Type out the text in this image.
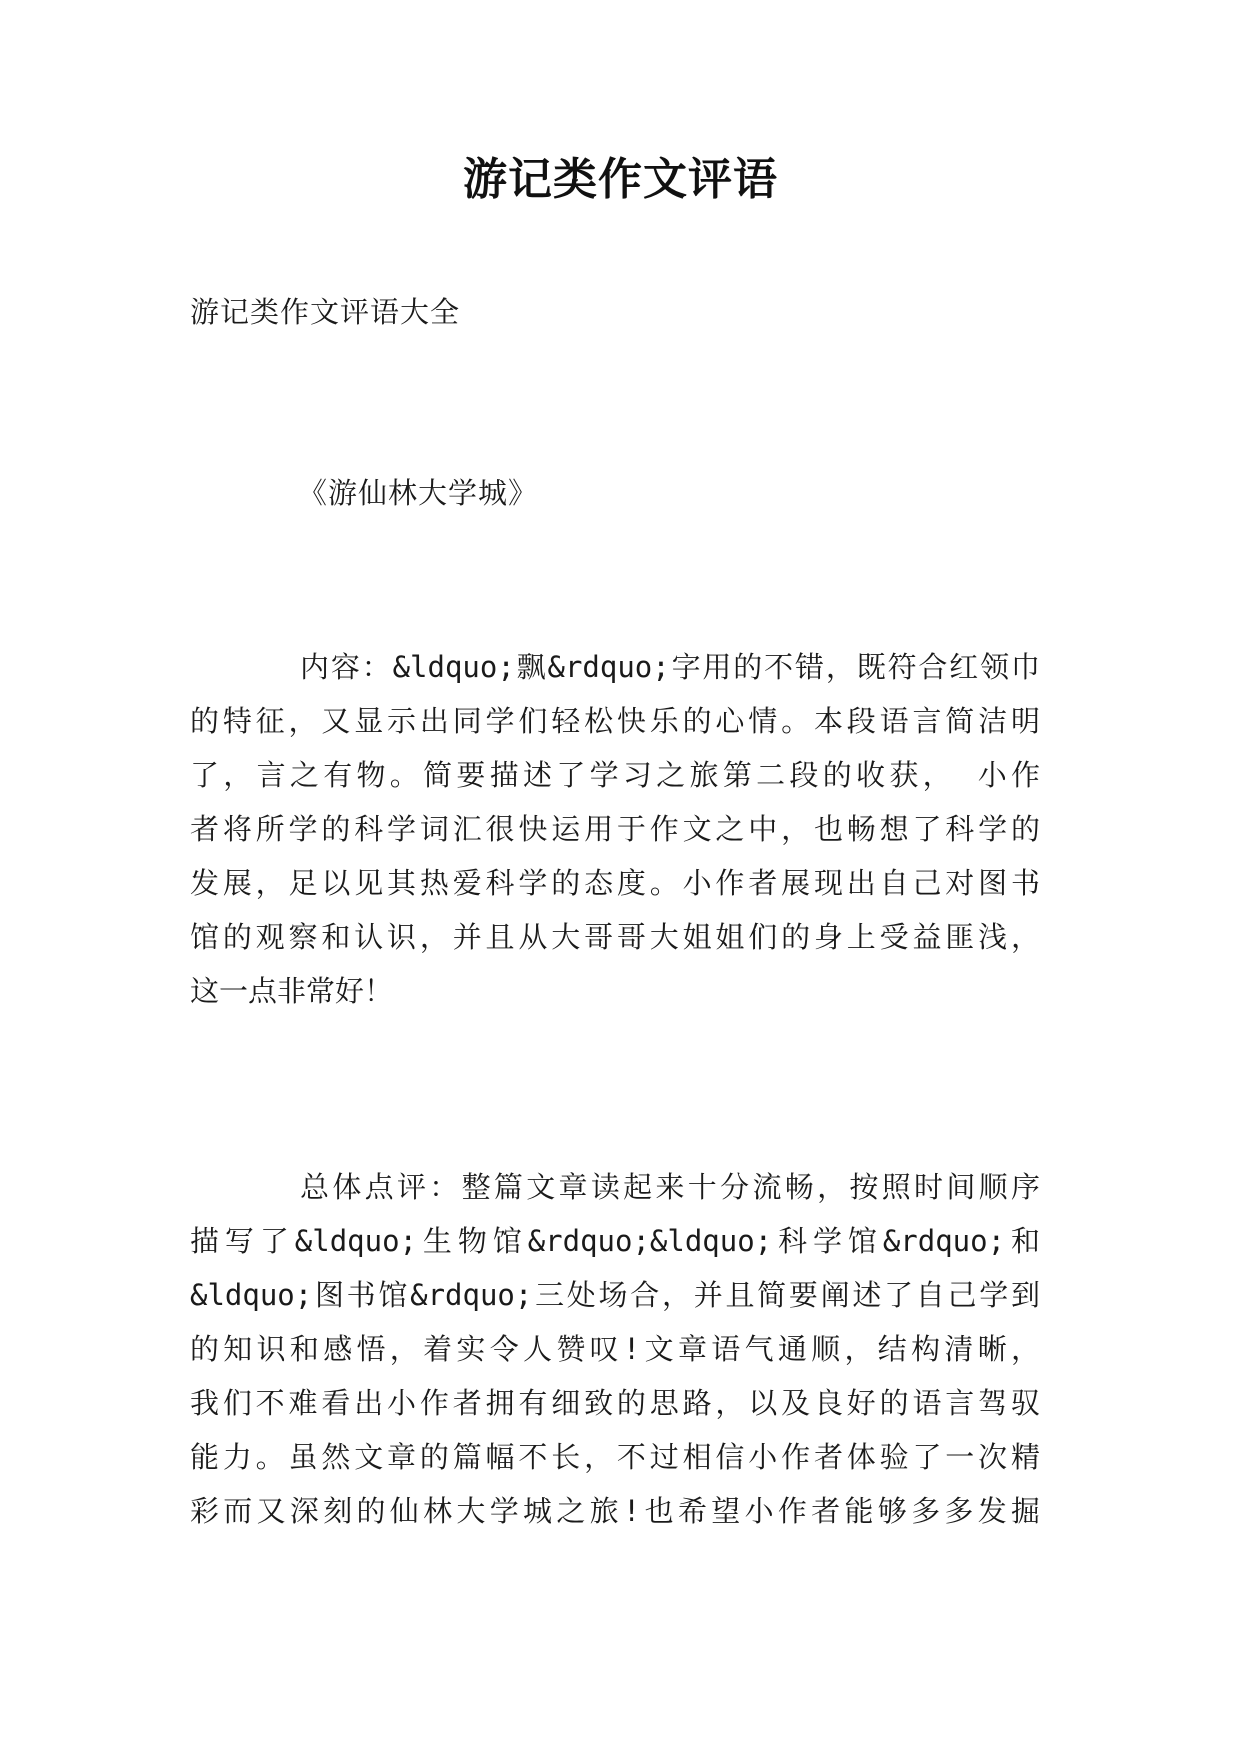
游记类作文评语
游记类作文评语大全
《游仙林大学城》
内容：&ldquo;飘&rdquo;字用的不错，既符合红领巾
的特征，又显示出同学们轻松快乐的心情。本段语言简洁明
了，言之有物。简要描述了学习之旅第二段的收获， 小作
者将所学的科学词汇很快运用于作文之中，也畅想了科学的
发展，足以见其热爱科学的态度。小作者展现出自己对图书
馆的观察和认识，并且从大哥哥大姐姐们的身上受益匪浅，
这一点非常好！
总体点评：整篇文章读起来十分流畅，按照时间顺序
描写了&ldquo;生物馆&rdquo;&ldquo;科学馆&rdquo;和
&ldquo;图书馆&rdquo;三处场合，并且简要阐述了自己学到
的知识和感悟，着实令人赞叹!文章语气通顺，结构清晰，
我们不难看出小作者拥有细致的思路，以及良好的语言驾驭
能力。虽然文章的篇幅不长，不过相信小作者体验了一次精
彩而又深刻的仙林大学城之旅!也希望小作者能够多多发掘
